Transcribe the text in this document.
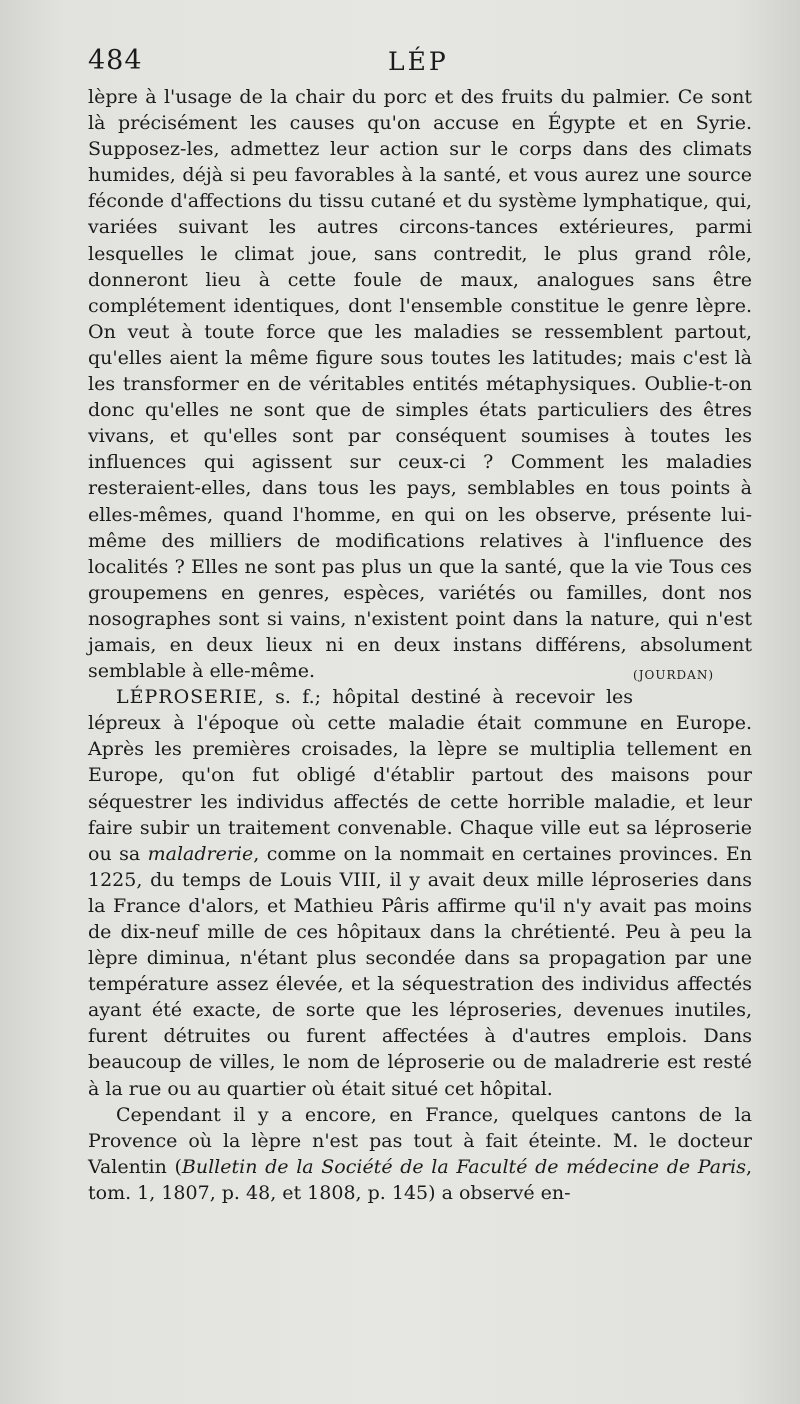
484	LÉP

lèpre à l'usage de la chair du porc et des fruits du palmier. Ce sont là précisément les causes qu'on accuse en Égypte et en Syrie. Supposez-les, admettez leur action sur le corps dans des climats humides, déjà si peu favorables à la santé, et vous aurez une source féconde d'affections du tissu cutané et du système lymphatique, qui, variées suivant les autres circons-tances extérieures, parmi lesquelles le climat joue, sans contredit, le plus grand rôle, donneront lieu à cette foule de maux, analogues sans être complétement identiques, dont l'ensemble constitue le genre lèpre. On veut à toute force que les maladies se ressemblent partout, qu'elles aient la même figure sous toutes les latitudes; mais c'est là les transformer en de véritables entités métaphysiques. Oublie-t-on donc qu'elles ne sont que de simples états particuliers des êtres vivans, et qu'elles sont par conséquent soumises à toutes les influences qui agissent sur ceux-ci ? Comment les maladies resteraient-elles, dans tous les pays, semblables en tous points à elles-mêmes, quand l'homme, en qui on les observe, présente lui-même des milliers de modifications relatives à l'influence des localités ? Elles ne sont pas plus un que la santé, que la vie Tous ces groupemens en genres, espèces, variétés ou familles, dont nos nosographes sont si vains, n'existent point dans la nature, qui n'est jamais, en deux lieux ni en deux instans différens, absolument semblable à elle-même.	(JOURDAN)

LÉPROSERIE, s. f.; hôpital destiné à recevoir les lépreux à l'époque où cette maladie était commune en Europe. Après les premières croisades, la lèpre se multiplia tellement en Europe, qu'on fut obligé d'établir partout des maisons pour séquestrer les individus affectés de cette horrible maladie, et leur faire subir un traitement convenable. Chaque ville eut sa léproserie ou sa maladrerie, comme on la nommait en certaines provinces. En 1225, du temps de Louis VIII, il y avait deux mille léproseries dans la France d'alors, et Mathieu Pâris affirme qu'il n'y avait pas moins de dix-neuf mille de ces hôpitaux dans la chrétienté. Peu à peu la lèpre diminua, n'étant plus secondée dans sa propagation par une température assez élevée, et la séquestration des individus affectés ayant été exacte, de sorte que les léproseries, devenues inutiles, furent détruites ou furent affectées à d'autres emplois. Dans beaucoup de villes, le nom de léproserie ou de maladrerie est resté à la rue ou au quartier où était situé cet hôpital.

Cependant il y a encore, en France, quelques cantons de la Provence où la lèpre n'est pas tout à fait éteinte. M. le docteur Valentin (Bulletin de la Société de la Faculté de médecine de Paris, tom. 1, 1807, p. 48, et 1808, p. 145) a observé en-
